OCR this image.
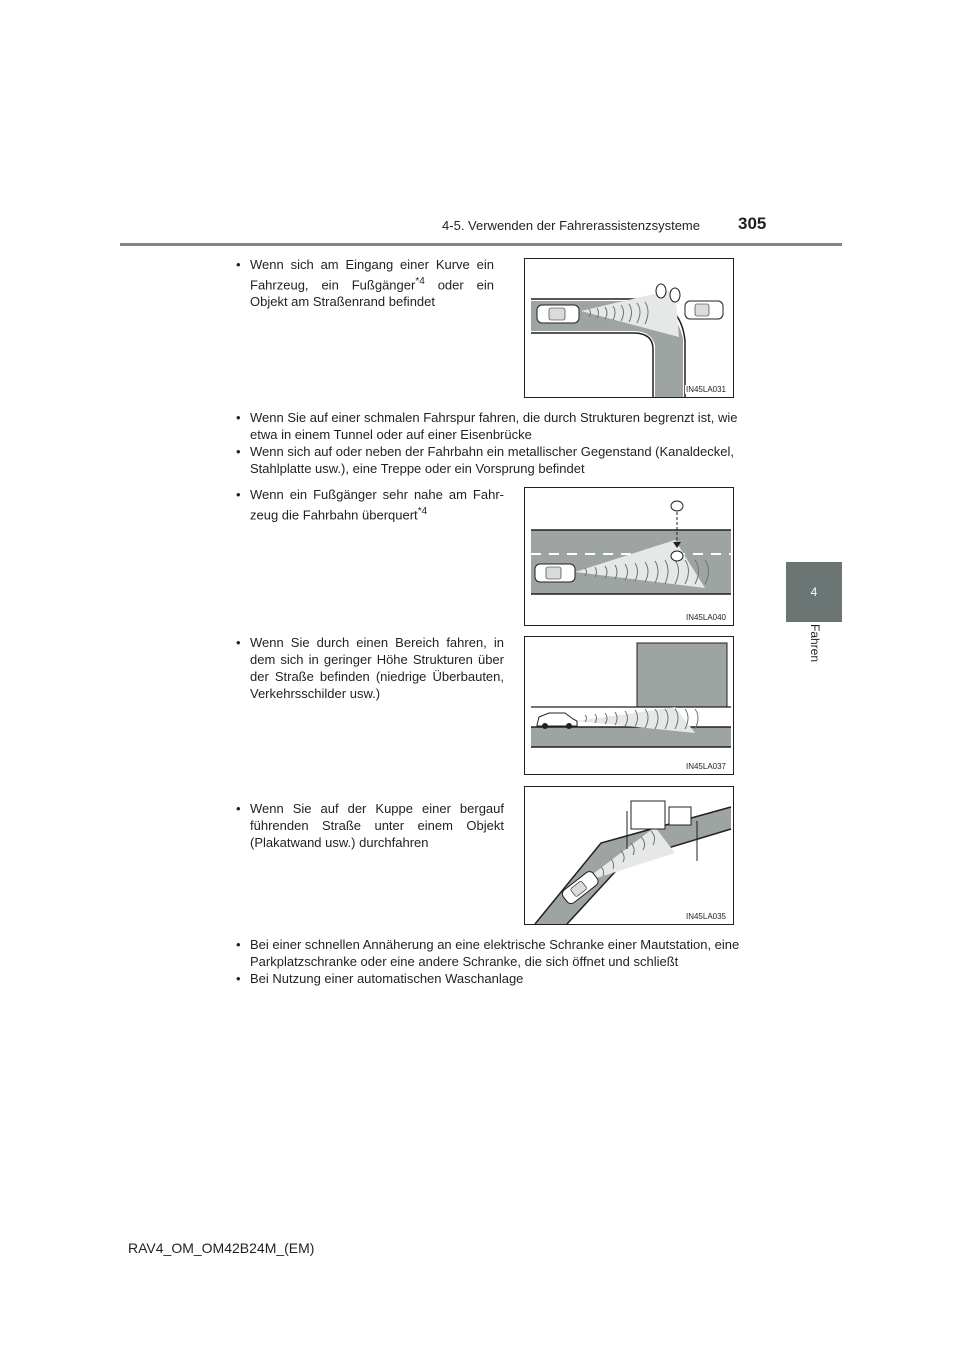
4-5. Verwenden der Fahrerassistenzsysteme 305
4
Fahren
• Wenn sich am Eingang einer Kurve ein Fahrzeug, ein Fußgänger$^{*4}$ oder ein Objekt am Straßenrand befindet
IN45LA031
• Wenn Sie auf einer schmalen Fahrspur fahren, die durch Strukturen begrenzt ist, wie etwa in einem Tunnel oder auf einer Eisenbrücke
• Wenn sich auf oder neben der Fahrbahn ein metallischer Gegenstand (Kanaldeckel, Stahlplatte usw.), eine Treppe oder ein Vorsprung befindet
• Wenn ein Fußgänger sehr nahe am Fahrzeug die Fahrbahn überquert$^{*4}$
IN45LA040
• Wenn Sie durch einen Bereich fahren, in dem sich in geringer Höhe Strukturen über der Straße befinden (niedrige Überbauten, Verkehrsschilder usw.)
IN45LA037
• Wenn Sie auf der Kuppe einer bergauf führenden Straße unter einem Objekt (Plakatwand usw.) durchfahren
IN45LA035
• Bei einer schnellen Annäherung an eine elektrische Schranke einer Mautstation, eine Parkplatzschranke oder eine andere Schranke, die sich öffnet und schließt
• Bei Nutzung einer automatischen Waschanlage
RAV4_OM_OM42B24M_(EM)
